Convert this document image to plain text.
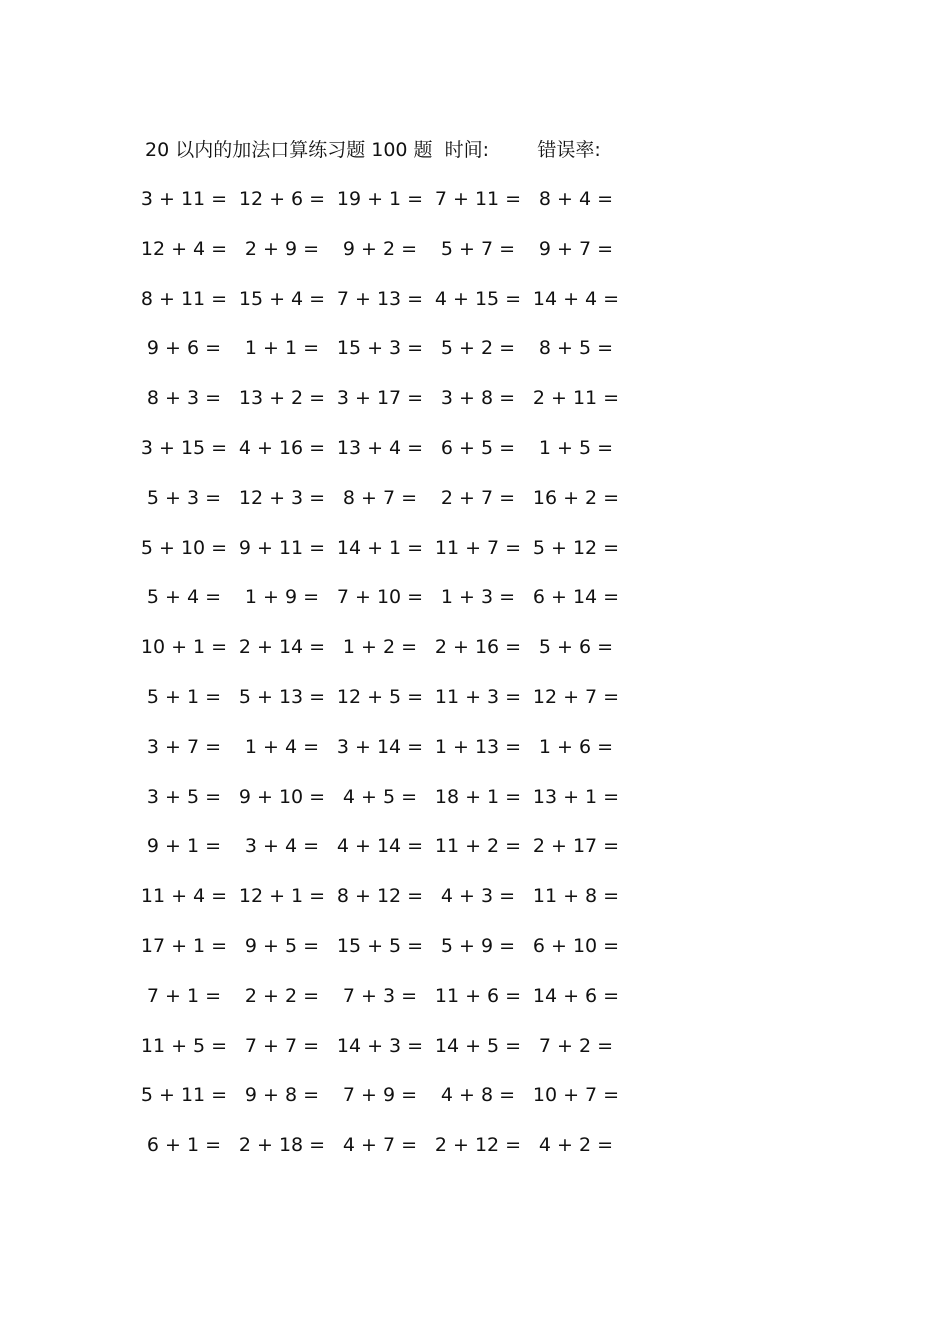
20 以内的加法口算练习题 100 题  时间:        错误率:
3 + 11 = 12 + 6 = 19 + 1 = 7 + 11 = 8 + 4 =
12 + 4 = 2 + 9 = 9 + 2 = 5 + 7 = 9 + 7 =
8 + 11 = 15 + 4 = 7 + 13 = 4 + 15 = 14 + 4 =
9 + 6 = 1 + 1 = 15 + 3 = 5 + 2 = 8 + 5 =
8 + 3 = 13 + 2 = 3 + 17 = 3 + 8 = 2 + 11 =
3 + 15 = 4 + 16 = 13 + 4 = 6 + 5 = 1 + 5 =
5 + 3 = 12 + 3 = 8 + 7 = 2 + 7 = 16 + 2 =
5 + 10 = 9 + 11 = 14 + 1 = 11 + 7 = 5 + 12 =
5 + 4 = 1 + 9 = 7 + 10 = 1 + 3 = 6 + 14 =
10 + 1 = 2 + 14 = 1 + 2 = 2 + 16 = 5 + 6 =
5 + 1 = 5 + 13 = 12 + 5 = 11 + 3 = 12 + 7 =
3 + 7 = 1 + 4 = 3 + 14 = 1 + 13 = 1 + 6 =
3 + 5 = 9 + 10 = 4 + 5 = 18 + 1 = 13 + 1 =
9 + 1 = 3 + 4 = 4 + 14 = 11 + 2 = 2 + 17 =
11 + 4 = 12 + 1 = 8 + 12 = 4 + 3 = 11 + 8 =
17 + 1 = 9 + 5 = 15 + 5 = 5 + 9 = 6 + 10 =
7 + 1 = 2 + 2 = 7 + 3 = 11 + 6 = 14 + 6 =
11 + 5 = 7 + 7 = 14 + 3 = 14 + 5 = 7 + 2 =
5 + 11 = 9 + 8 = 7 + 9 = 4 + 8 = 10 + 7 =
6 + 1 = 2 + 18 = 4 + 7 = 2 + 12 = 4 + 2 =
